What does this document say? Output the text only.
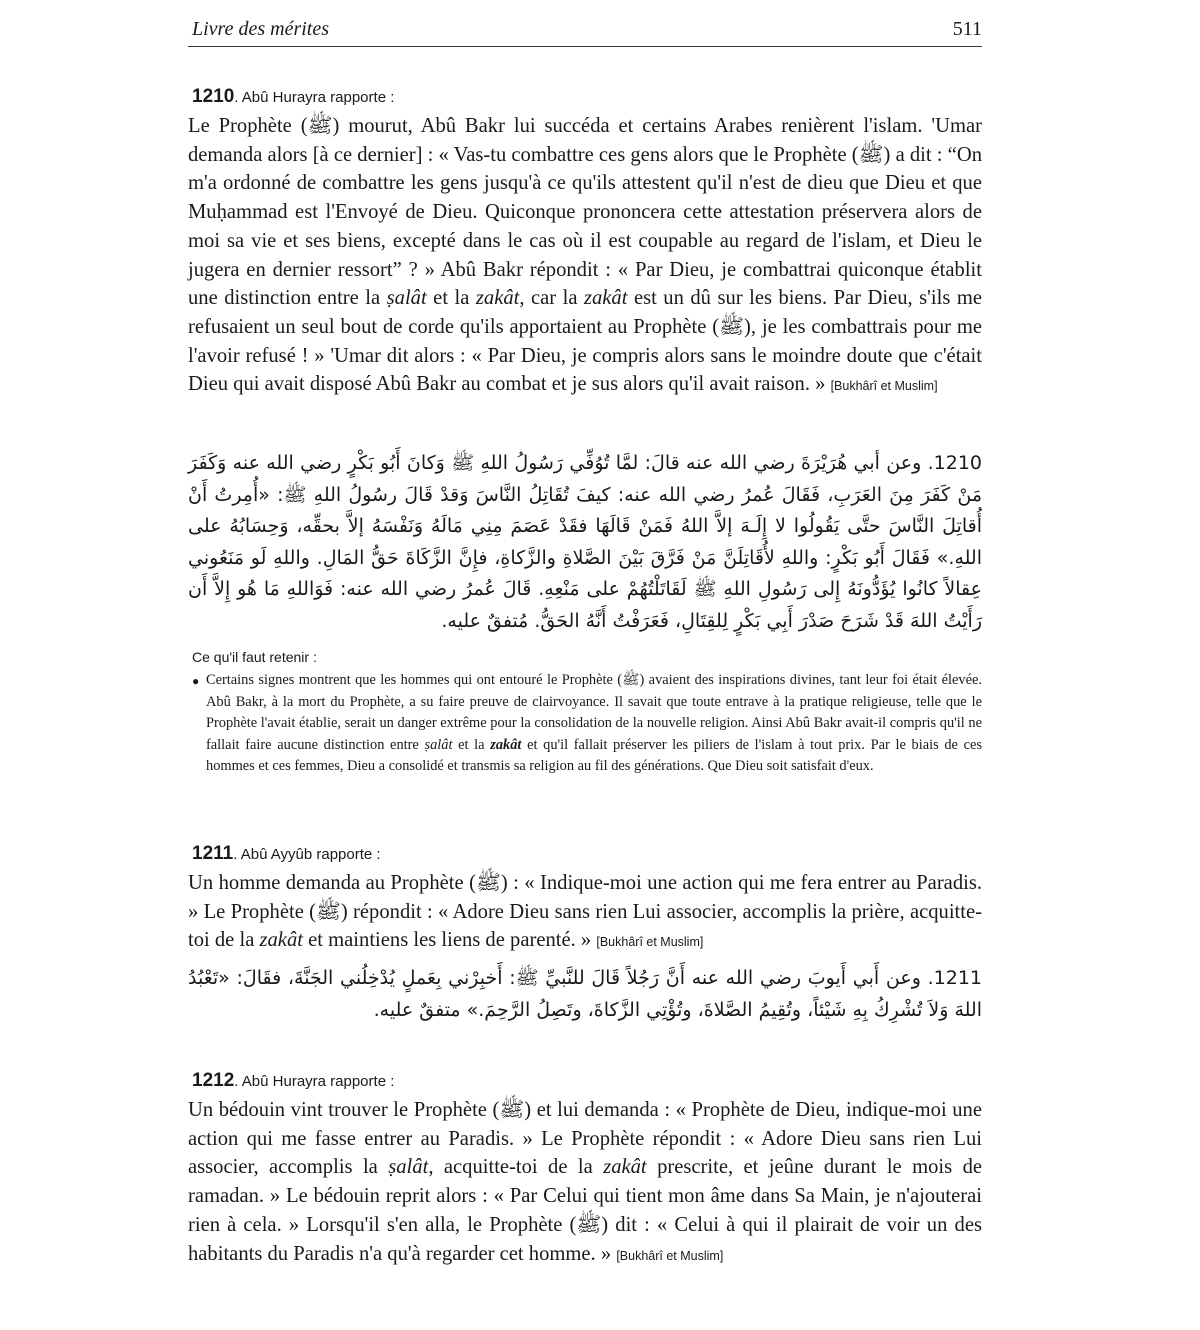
Livre des mérites	511
1210. Abû Hurayra rapporte :
Le Prophète (ﷺ) mourut, Abû Bakr lui succéda et certains Arabes renièrent l'islam. 'Umar demanda alors [à ce dernier] : « Vas-tu combattre ces gens alors que le Prophète (ﷺ) a dit : “On m'a ordonné de combattre les gens jusqu'à ce qu'ils attestent qu'il n'est de dieu que Dieu et que Muḥammad est l'Envoyé de Dieu. Quiconque prononcera cette attestation préservera alors de moi sa vie et ses biens, excepté dans le cas où il est coupable au regard de l'islam, et Dieu le jugera en dernier ressort” ? » Abû Bakr répondit : « Par Dieu, je combattrai quiconque établit une distinction entre la ṣalât et la zakât, car la zakât est un dû sur les biens. Par Dieu, s'ils me refusaient un seul bout de corde qu'ils apportaient au Prophète (ﷺ), je les combattrais pour me l'avoir refusé ! » 'Umar dit alors : « Par Dieu, je compris alors sans le moindre doute que c'était Dieu qui avait disposé Abû Bakr au combat et je sus alors qu'il avait raison. » [Bukhârî et Muslim]
1210. وعن أبي هُرَيْرَةَ رضي الله عنه قالَ: لمَّا تُوُفِّي رَسُولُ اللهِ ﷺ وَكانَ أَبُو بَكْرٍ رضي الله عنه وَكَفَرَ مَنْ كَفَرَ مِنَ العَرَبِ، فَقَالَ عُمرُ رضي الله عنه: كيفَ تُقَاتِلُ النَّاسَ وَقدْ قَالَ رسُولُ اللهِ ﷺ: «أُمِرتُ أَنْ أُقاتِلَ النَّاسَ حتَّى يَقُولُوا لا إِلَـهَ إلاَّ اللهُ فَمَنْ قَالَهَا فقَدْ عَصَمَ مِنِي مَالَهُ وَنَفْسَهُ إلاَّ بحقِّه، وَحِسَابُهُ على اللهِ.» فَقَالَ أَبُو بَكْرٍ: واللهِ لأُقَاتِلَنَّ مَنْ فَرَّقَ بَيْنَ الصَّلاةِ والزَّكاةِ، فإِنَّ الزَّكَاةَ حَقُّ المَالِ. واللهِ لَو مَنَعُوني عِقالاً كانُوا يُؤَدُّونَهُ إِلى رَسُولِ اللهِ ﷺ لَقَاتَلْتُهُمْ على مَنْعِهِ. قَالَ عُمرُ رضي الله عنه: فَوَاللهِ مَا هُو إِلاَّ أَن رَأَيْتُ اللهَ قَدْ شَرَحَ صَدْرَ أَبِي بَكْرٍ لِلقِتَالِ، فَعَرَفْتُ أَنَّهُ الحَقُّ. مُتفقٌ عليه.
Ce qu'il faut retenir :
● Certains signes montrent que les hommes qui ont entouré le Prophète (ﷺ) avaient des inspirations divines, tant leur foi était élevée. Abû Bakr, à la mort du Prophète, a su faire preuve de clairvoyance. Il savait que toute entrave à la pratique religieuse, telle que le Prophète l'avait établie, serait un danger extrême pour la consolidation de la nouvelle religion. Ainsi Abû Bakr avait-il compris qu'il ne fallait faire aucune distinction entre ṣalât et la zakât et qu'il fallait préserver les piliers de l'islam à tout prix. Par le biais de ces hommes et ces femmes, Dieu a consolidé et transmis sa religion au fil des générations. Que Dieu soit satisfait d'eux.
1211. Abû Ayyûb rapporte :
Un homme demanda au Prophète (ﷺ) : « Indique-moi une action qui me fera entrer au Paradis. » Le Prophète (ﷺ) répondit : « Adore Dieu sans rien Lui associer, accomplis la prière, acquitte-toi de la zakât et maintiens les liens de parenté. » [Bukhârî et Muslim]
1211. وعن أَبي أَيوبَ رضي الله عنه أَنَّ رَجُلاً قَالَ للنَّبيِّ ﷺ: أَخبِرْني بِعَملٍ يُدْخِلُني الجَنَّةَ، فقَالَ: «تَعْبُدُ اللهَ وَلاَ تُشْرِكُ بِهِ شَيْئاً، وتُقِيمُ الصَّلاةَ، وتُؤْتِي الزَّكاةَ، وتَصِلُ الرَّحِمَ.» متفقٌ عليه.
1212. Abû Hurayra rapporte :
Un bédouin vint trouver le Prophète (ﷺ) et lui demanda : « Prophète de Dieu, indique-moi une action qui me fasse entrer au Paradis. » Le Prophète répondit : « Adore Dieu sans rien Lui associer, accomplis la ṣalât, acquitte-toi de la zakât prescrite, et jeûne durant le mois de ramadan. » Le bédouin reprit alors : « Par Celui qui tient mon âme dans Sa Main, je n'ajouterai rien à cela. » Lorsqu'il s'en alla, le Prophète (ﷺ) dit : « Celui à qui il plairait de voir un des habitants du Paradis n'a qu'à regarder cet homme. » [Bukhârî et Muslim]
